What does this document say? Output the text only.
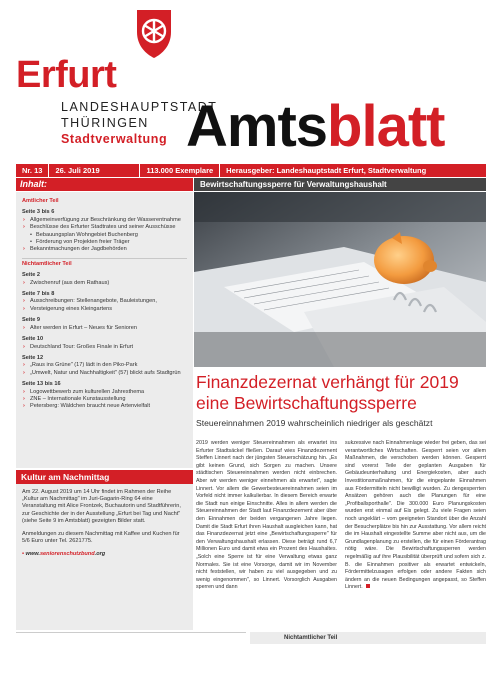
Erfurt
LANDESHAUPTSTADT
THÜRINGEN
Stadtverwaltung Amtsblatt
Nr. 13	26. Juli 2019	113.000 Exemplare	Herausgeber: Landeshauptstadt Erfurt, Stadtverwaltung
Inhalt:	Bewirtschaftungssperre für Verwaltungshaushalt
Amtlicher Teil
Seite 3 bis 6
› Allgemeinverfügung zur Beschränkung der Wasserentnahme
› Beschlüsse des Erfurter Stadtrates und seiner Ausschüsse
• Bebauungsplan Wohngebiet Buchenberg
• Förderung von Projekten freier Träger
› Bekanntmachungen der Jagdbehörden
Nichtamtlicher Teil
Seite 2
› Zwischenruf (aus dem Rathaus)
Seite 7 bis 8
› Ausschreibungen: Stellenangebote, Bauleistungen,
› Versteigerung eines Kleingartens
Seite 9
› Alter werden in Erfurt – Neues für Senioren
Seite 10
› Deutschland Tour: Großes Finale in Erfurt
Seite 12
› „Raus ins Grüne" (17) lädt in den Piko-Park
› „Umwelt, Natur und Nachhaltigkeit" (57) blickt aufs Stadtgrün
Seite 13 bis 16
› Logowettbewerb zum kulturellen Jahresthema
› ZNE – Internationale Kunstausstellung
› Petersberg: Wäldchen braucht neue Artenvielfalt
Kultur am Nachmittag

Am 22. August 2019 um 14 Uhr findet im Rahmen der Reihe „Kultur am Nachmittag" im Juri-Gagarin-Ring 64 eine Veranstaltung mit Alice Frontzek, Buchautorin und Stadtführerin, zur Geschichte der in der Ausstellung „Erfurt bei Tag und Nacht" (siehe Seite 9 im Amtsblatt) gezeigten Bilder statt.

Anmeldungen zu diesem Nachmittag mit Kaffee und Kuchen für 5/6 Euro unter Tel. 2621775.

• www.seniorenschutzbund.org
Finanzdezernat verhängt für 2019 eine Bewirtschaftungssperre
Steuereinnahmen 2019 wahrscheinlich niedriger als geschätzt
2019 werden weniger Steuereinnahmen als erwartet ins Erfurter Stadtsäckel fließen. Darauf wies Finanzdezernent Steffen Linnert nach der jüngsten Steuerschätzung hin. „Es gibt keinen Grund, sich Sorgen zu machen. Unsere städtischen Steuereinnahmen werden nicht einbrechen. Aber wir werden weniger einnehmen als erwartet", sagte Linnert. Vor allem die Gewerbesteuereinnahmen seien im Vorfeld nicht immer kalkulierbar. In diesem Bereich erwarte die Stadt nun einige Einschnitte. Alles in allem werden die Steuereinnahmen der Stadt laut Finanzdezernent aber über den Einnahmen der beiden vergangenen Jahre liegen. Damit die Stadt Erfurt ihren Haushalt ausgleichen kann, hat das Finanzdezernat jetzt eine „Bewirtschaftungssperre" für den Verwaltungshaushalt erlassen. Diese beträgt rund 6,7 Millionen Euro und damit etwa ein Prozent des Haushaltes. „Solch eine Sperre ist für eine Verwaltung etwas ganz Normales. Sie ist eine Vorsorge, damit wir im November nicht feststellen, wir haben zu viel ausgegeben und zu wenig eingenommen", so Linnert. Vorsorglich Ausgaben sperren und dann
sukzessive nach Einnahmenlage wieder frei geben, das sei verantwortliches Wirtschaften. Gesperrt seien vor allem Maßnahmen, die verschoben werden können. Gesperrt sind vorerst Teile der geplanten Ausgaben für Gebäudeunterhaltung und Energiekosten, aber auch Investitionsmaßnahmen, für die eingeplante Einnahmen aus Fördermitteln nicht bewilligt wurden. Zu dengesperrten Ansätzen gehören auch die Planungen für eine „Profiballsporthalle". Die 300.000 Euro Planungskosten wurden erst einmal auf Eis gelegt. Zu viele Fragen seien noch ungeklärt – vom geeigneten Standort über die Anzahl der Besucherplätze bis hin zur Ausstattung. Vor allem reicht die im Haushalt eingestellte Summe aber nicht aus, um die Grundlagenplanung zu erstellen, die für einen Förderantrag nötig wäre. Die Bewirtschaftungssperren werden regelmäßig auf ihre Plausibilität überprüft und sofern sich z. B. die Einnahmen positiver als erwartet entwickeln, Fördermittelzusagen erfolgen oder andere Fakten sich ändern an die neuen Bedingungen angepasst, so Steffen Linnert.
Nichtamtlicher Teil
